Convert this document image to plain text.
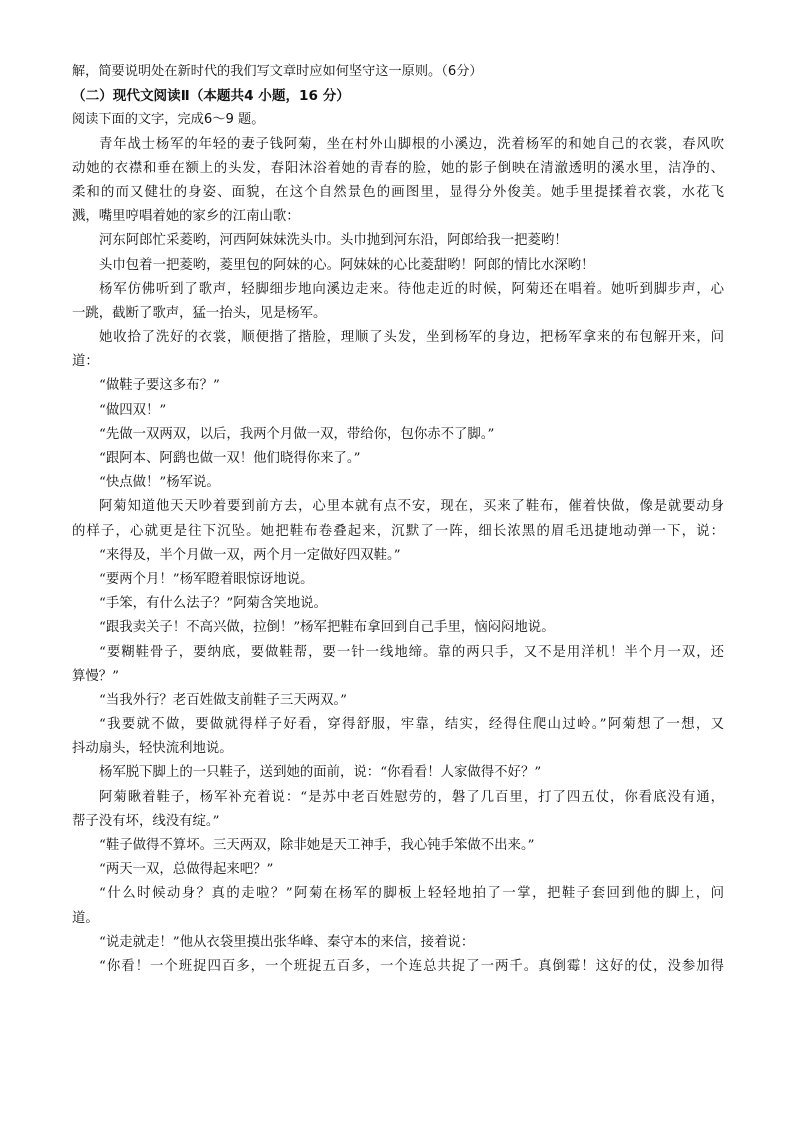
解，简要说明处在新时代的我们写文章时应如何坚守这一原则。（6分）
（二）现代文阅读Ⅱ（本题共4 小题，16 分）
阅读下面的文字，完成6～9 题。
青年战士杨军的年轻的妻子钱阿菊，坐在村外山脚根的小溪边，洗着杨军的和她自己的衣裳，春风吹
动她的衣襟和垂在额上的头发，春阳沐浴着她的青春的脸，她的影子倒映在清澈透明的溪水里，洁净的、
柔和的而又健壮的身姿、面貌，在这个自然景色的画图里，显得分外俊美。她手里提揉着衣裳，水花飞
溅，嘴里哼唱着她的家乡的江南山歌：
河东阿郎忙采菱哟，河西阿妹妹洗头巾。头巾抛到河东沿，阿郎给我一把菱哟！
头巾包着一把菱哟，菱里包的阿妹的心。阿妹妹的心比菱甜哟！阿郎的情比水深哟！
杨军仿佛听到了歌声，轻脚细步地向溪边走来。待他走近的时候，阿菊还在唱着。她听到脚步声，心
一跳，截断了歌声，猛一抬头，见是杨军。
她收拾了洗好的衣裳，顺便揩了揩脸，理顺了头发，坐到杨军的身边，把杨军拿来的布包解开来，问
道：
“做鞋子要这多布？”
“做四双！”
“先做一双两双，以后，我两个月做一双，带给你，包你赤不了脚。”
“跟阿本、阿鹞也做一双！他们晓得你来了。”
“快点做！”杨军说。
阿菊知道他天天吵着要到前方去，心里本就有点不安，现在，买来了鞋布，催着快做，像是就要动身
的样子，心就更是往下沉坠。她把鞋布卷叠起来，沉默了一阵，细长浓黑的眉毛迅捷地动弹一下，说：
“来得及，半个月做一双，两个月一定做好四双鞋。”
“要两个月！”杨军瞪着眼惊讶地说。
“手笨，有什么法子？”阿菊含笑地说。
“跟我卖关子！不高兴做，拉倒！”杨军把鞋布拿回到自己手里，恼闷闷地说。
“要糊鞋骨子，要纳底，要做鞋帮，要一针一线地缔。靠的两只手，又不是用洋机！半个月一双，还
算慢？”
“当我外行？老百姓做支前鞋子三天两双。”
“我要就不做，要做就得样子好看，穿得舒服，牢靠，结实，经得住爬山过岭。”阿菊想了一想，又
抖动扇头，轻快流利地说。
杨军脱下脚上的一只鞋子，送到她的面前，说：“你看看！人家做得不好？”
阿菊瞅着鞋子，杨军补充着说：“是苏中老百姓慰劳的，磐了几百里，打了四五仗，你看底没有通，
帮子没有坏，线没有绽。”
“鞋子做得不算坏。三天两双，除非她是天工神手，我心钝手笨做不出来。”
“两天一双，总做得起来吧？”
“什么时候动身？真的走啦？”阿菊在杨军的脚板上轻轻地拍了一掌，把鞋子套回到他的脚上，问
道。
“说走就走！”他从衣袋里摸出张华峰、秦守本的来信，接着说：
“你看！一个班捉四百多，一个班捉五百多，一个连总共捉了一两千。真倒霉！这好的仗，没参加得
